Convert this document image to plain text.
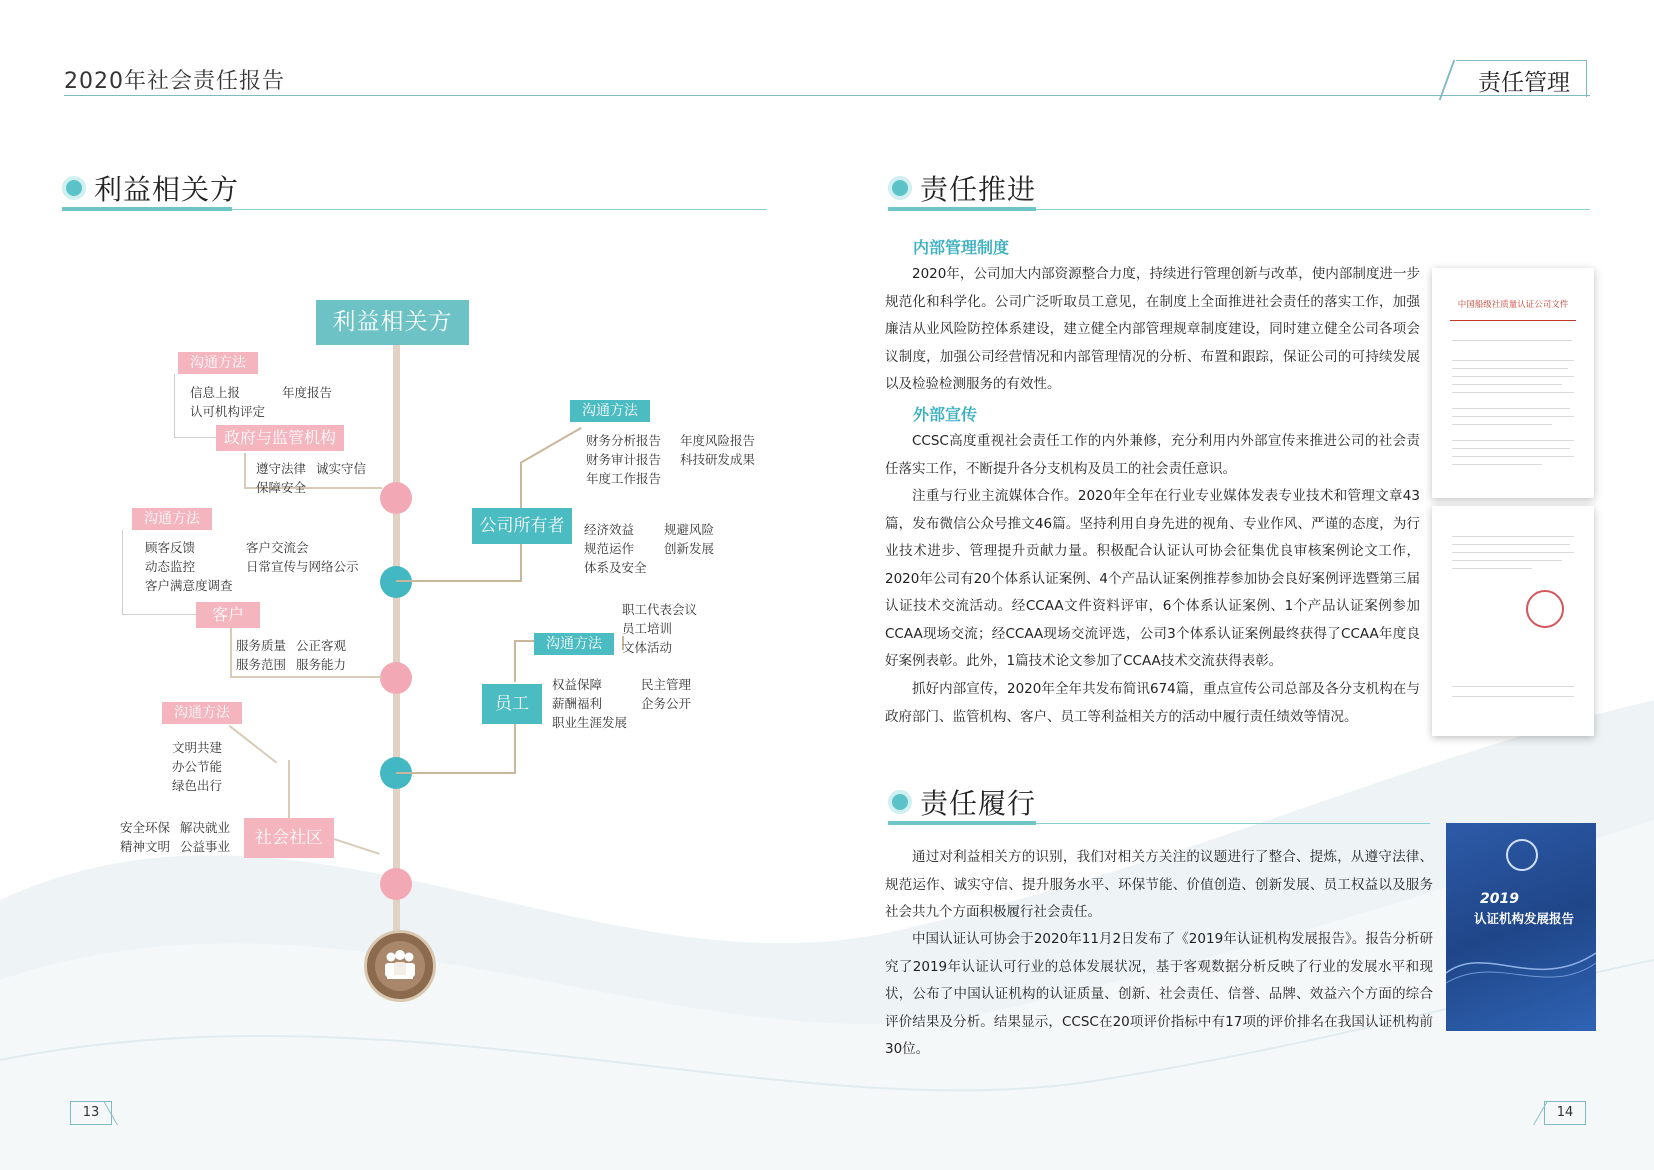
2020年社会责任报告	责任管理
利益相关方
利益相关方
沟通方法
信息上报	年度报告
认可机构评定
政府与监管机构
遵守法律 诚实守信
保障安全
沟通方法
顾客反馈	客户交流会
动态监控	日常宣传与网络公示
客户满意度调查
客户
服务质量 公正客观
服务范围 服务能力
沟通方法
文明共建
办公节能
绿色出行
安全环保 解决就业
精神文明 公益事业	社会社区
沟通方法
财务分析报告 年度风险报告
财务审计报告 科技研发成果
年度工作报告
公司所有者	经济效益 规避风险
规范运作 创新发展
体系及安全
职工代表会议
员工培训
文体活动
沟通方法
员工
权益保障	民主管理
薪酬福利	企务公开
职业生涯发展
责任推进
内部管理制度
2020年，公司加大内部资源整合力度，持续进行管理创新与改革，使内部制度进一步规范化和科学化。公司广泛听取员工意见，在制度上全面推进社会责任的落实工作，加强廉洁从业风险防控体系建设，建立健全内部管理规章制度建设，同时建立健全公司各项会议制度，加强公司经营情况和内部管理情况的分析、布置和跟踪，保证公司的可持续发展以及检验检测服务的有效性。
外部宣传
CCSC高度重视社会责任工作的内外兼修，充分利用内外部宣传来推进公司的社会责任落实工作，不断提升各分支机构及员工的社会责任意识。
注重与行业主流媒体合作。2020年全年在行业专业媒体发表专业技术和管理文章43篇，发布微信公众号推文46篇。坚持利用自身先进的视角、专业作风、严谨的态度，为行业技术进步、管理提升贡献力量。积极配合认证认可协会征集优良审核案例论文工作，2020年公司有20个体系认证案例、4个产品认证案例推荐参加协会良好案例评选暨第三届认证技术交流活动。经CCAA文件资料评审，6个体系认证案例、1个产品认证案例参加CCAA现场交流；经CCAA现场交流评选，公司3个体系认证案例最终获得了CCAA年度良好案例表彰。此外，1篇技术论文参加了CCAA技术交流获得表彰。
抓好内部宣传，2020年全年共发布简讯674篇，重点宣传公司总部及各分支机构在与政府部门、监管机构、客户、员工等利益相关方的活动中履行责任绩效等情况。
中国船级社质量认证公司文件
责任履行
通过对利益相关方的识别，我们对相关方关注的议题进行了整合、提炼，从遵守法律、规范运作、诚实守信、提升服务水平、环保节能、价值创造、创新发展、员工权益以及服务社会共九个方面积极履行社会责任。
中国认证认可协会于2020年11月2日发布了《2019年认证机构发展报告》。报告分析研究了2019年认证认可行业的总体发展状况，基于客观数据分析反映了行业的发展水平和现状，公布了中国认证机构的认证质量、创新、社会责任、信誉、品牌、效益六个方面的综合评价结果及分析。结果显示，CCSC在20项评价指标中有17项的评价排名在我国认证机构前30位。
2019
认证机构发展报告
13	14
